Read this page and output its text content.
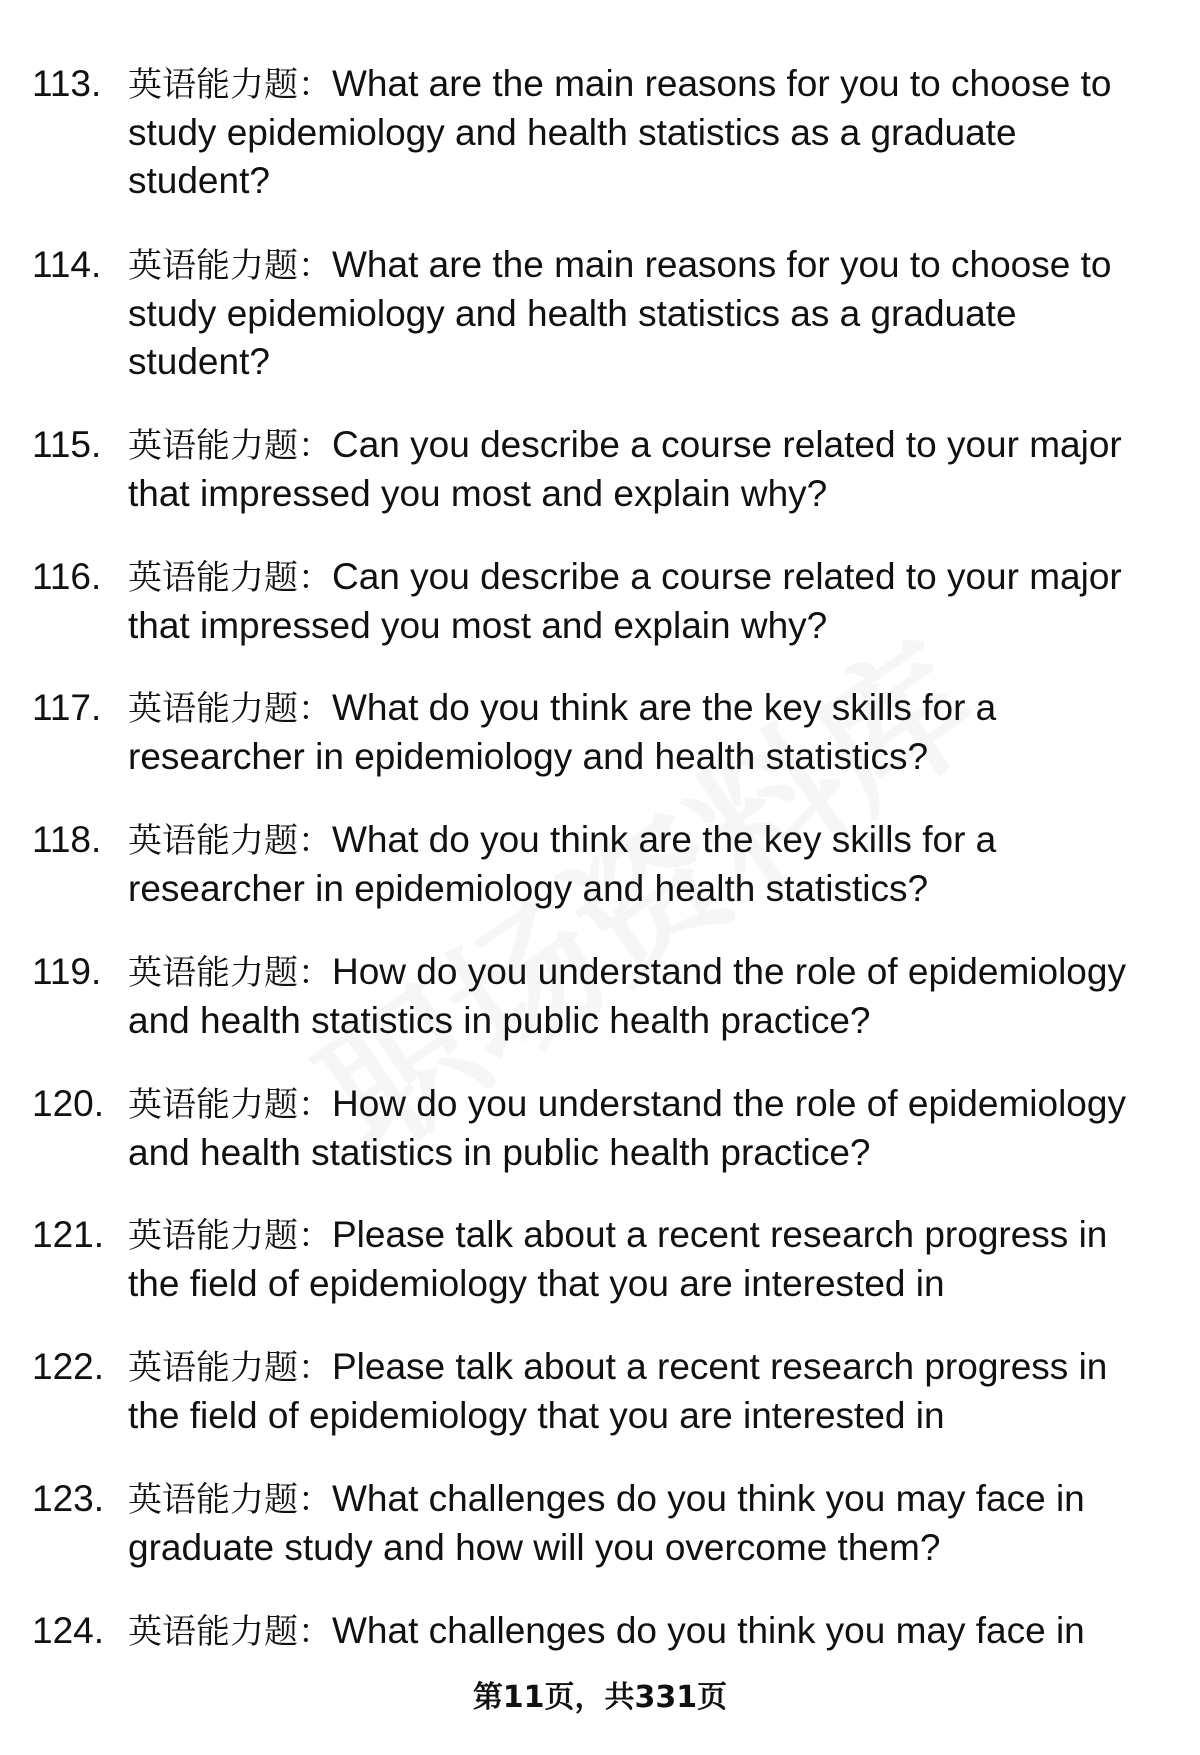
113. 英语能力题：What are the main reasons for you to choose to study epidemiology and health statistics as a graduate student?
114. 英语能力题：What are the main reasons for you to choose to study epidemiology and health statistics as a graduate student?
115. 英语能力题：Can you describe a course related to your major that impressed you most and explain why?
116. 英语能力题：Can you describe a course related to your major that impressed you most and explain why?
117. 英语能力题：What do you think are the key skills for a researcher in epidemiology and health statistics?
118. 英语能力题：What do you think are the key skills for a researcher in epidemiology and health statistics?
119. 英语能力题：How do you understand the role of epidemiology and health statistics in public health practice?
120. 英语能力题：How do you understand the role of epidemiology and health statistics in public health practice?
121. 英语能力题：Please talk about a recent research progress in the field of epidemiology that you are interested in
122. 英语能力题：Please talk about a recent research progress in the field of epidemiology that you are interested in
123. 英语能力题：What challenges do you think you may face in graduate study and how will you overcome them?
124. 英语能力题：What challenges do you think you may face in
第11页，共331页
